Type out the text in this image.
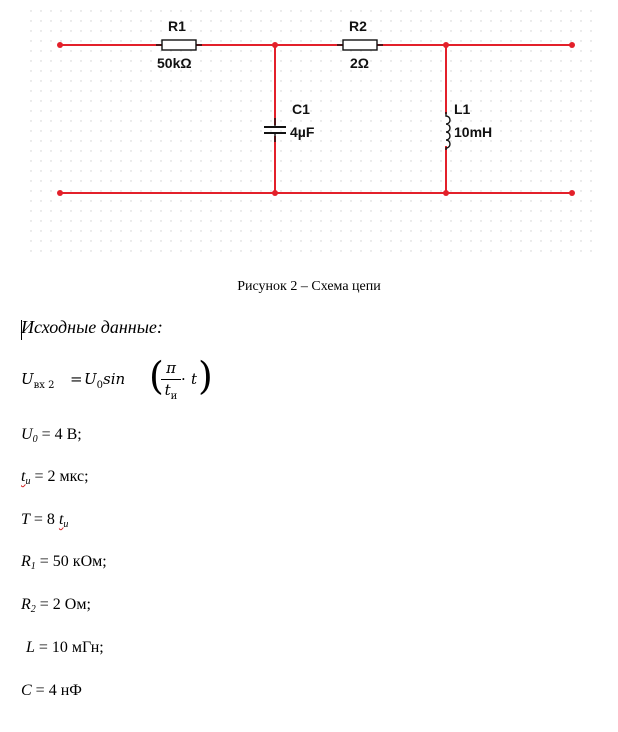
R1
50kΩ
R2
2Ω
C1
4µF
L1
10mH
Рисунок 2 – Схема цепи
Исходные данные:
$U_{вх 2} = U_0\sin$ ( π
$t_и$
· t )
$U_0 = 4$ В;
$t_и = 2$ мкс;
T = 8 $t_и$
$R_1 = 50$ кОм;
$R_2 = 2$ Ом;
L = 10 мГн;
C = 4 нФ
